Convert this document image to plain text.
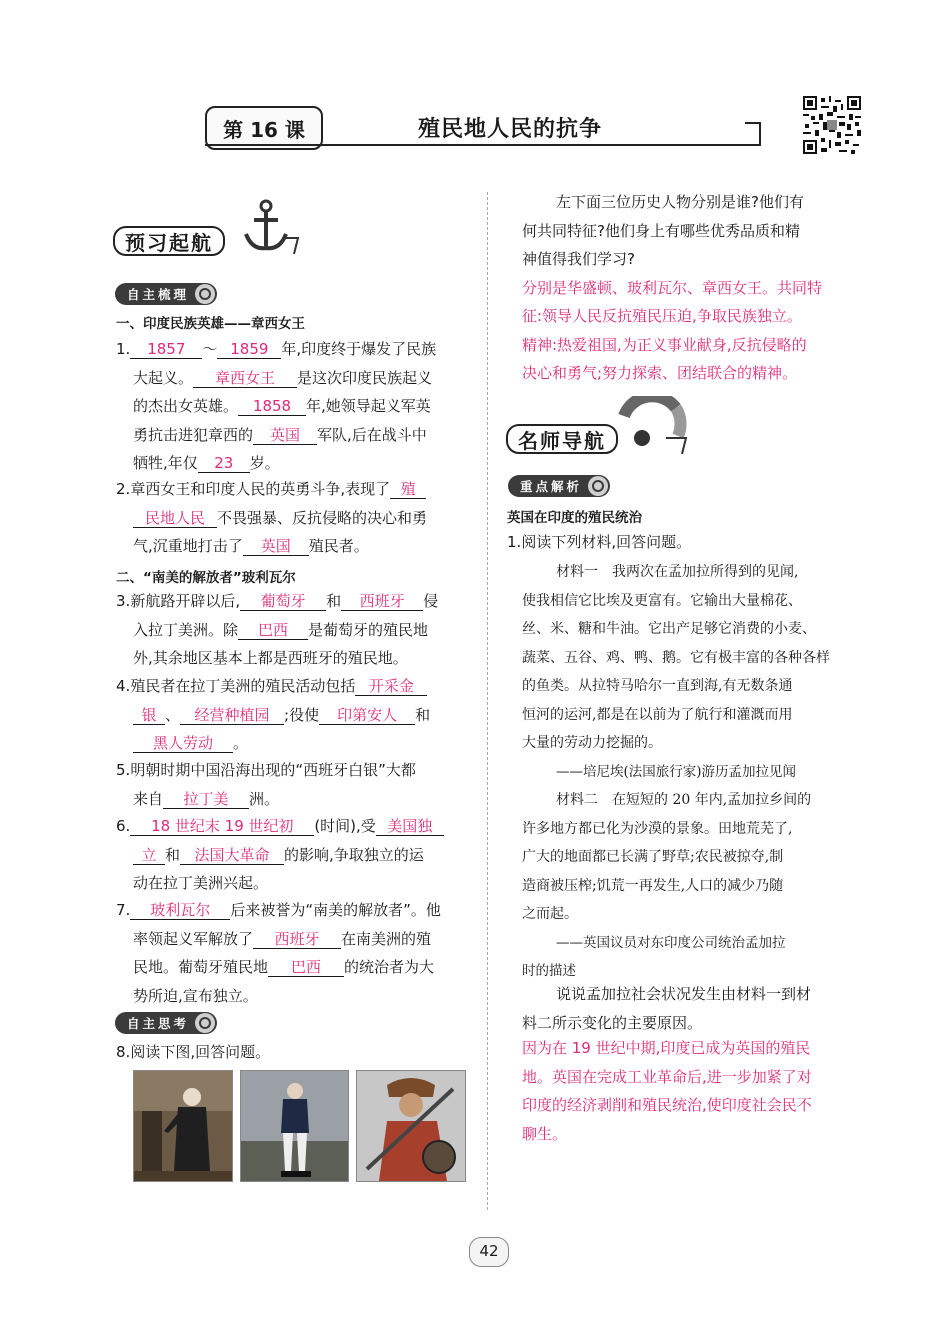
第 16 课	殖民地人民的抗争
预习起航
自主梳理
一、印度民族英雄——章西女王
1. 1857 ～ 1859 年,印度终于爆发了民族
大起义。 章西女王 是这次印度民族起义
的杰出女英雄。 1858 年,她领导起义军英
勇抗击进犯章西的 英国 军队,后在战斗中
牺牲,年仅 23 岁。
2.章西女王和印度人民的英勇斗争,表现了 殖
民地人民 不畏强暴、反抗侵略的决心和勇
气,沉重地打击了 英国 殖民者。
二、“南美的解放者”玻利瓦尔
3.新航路开辟以后, 葡萄牙 和 西班牙 侵
入拉丁美洲。除 巴西 是葡萄牙的殖民地
外,其余地区基本上都是西班牙的殖民地。
4.殖民者在拉丁美洲的殖民活动包括 开采金
银 、 经营种植园 ;役使 印第安人 和
黑人劳动 。
5.明朝时期中国沿海出现的“西班牙白银”大都
来自 拉丁美 洲。
6. 18 世纪末 19 世纪初 (时间),受 美国独
立 和 法国大革命 的影响,争取独立的运
动在拉丁美洲兴起。
7. 玻利瓦尔 后来被誉为“南美的解放者”。他
率领起义军解放了 西班牙 在南美洲的殖
民地。葡萄牙殖民地 巴西 的统治者为大
势所迫,宣布独立。
自主思考
8.阅读下图,回答问题。
左下面三位历史人物分别是谁?他们有
何共同特征?他们身上有哪些优秀品质和精
神值得我们学习?
分别是华盛顿、玻利瓦尔、章西女王。共同特
征:领导人民反抗殖民压迫,争取民族独立。
精神:热爱祖国,为正义事业献身,反抗侵略的
决心和勇气;努力探索、团结联合的精神。
名师导航
重点解析
英国在印度的殖民统治
1.阅读下列材料,回答问题。
材料一　我两次在孟加拉所得到的见闻,
使我相信它比埃及更富有。它输出大量棉花、
丝、米、糖和牛油。它出产足够它消费的小麦、
蔬菜、五谷、鸡、鸭、鹅。它有极丰富的各种各样
的鱼类。从拉特马哈尔一直到海,有无数条通
恒河的运河,都是在以前为了航行和灌溉而用
大量的劳动力挖掘的。
——培尼埃(法国旅行家)游历孟加拉见闻
材料二　在短短的 20 年内,孟加拉乡间的
许多地方都已化为沙漠的景象。田地荒芜了,
广大的地面都已长满了野草;农民被掠夺,制
造商被压榨;饥荒一再发生,人口的减少乃随
之而起。
——英国议员对东印度公司统治孟加拉
时的描述
说说孟加拉社会状况发生由材料一到材
料二所示变化的主要原因。
因为在 19 世纪中期,印度已成为英国的殖民
地。英国在完成工业革命后,进一步加紧了对
印度的经济剥削和殖民统治,使印度社会民不
聊生。
42
